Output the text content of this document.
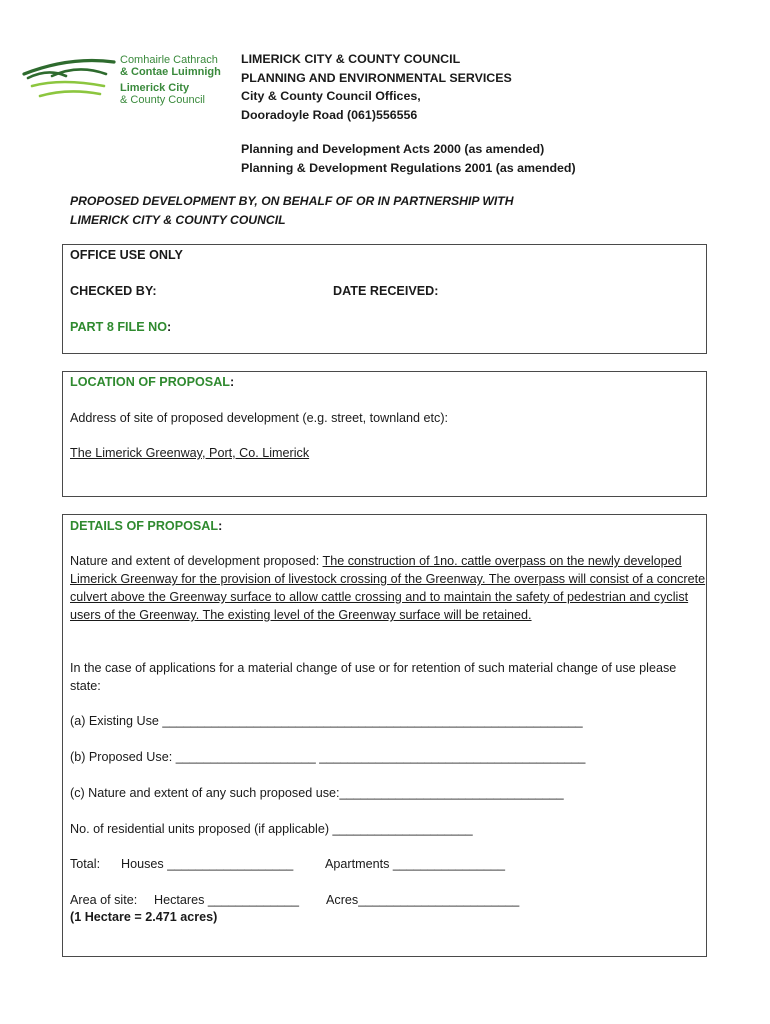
Comhairle Cathrach
& Contae Luimnigh
Limerick City
& County Council
LIMERICK CITY & COUNTY COUNCIL
PLANNING AND ENVIRONMENTAL SERVICES
City & County Council Offices,
Dooradoyle Road (061)556556
Planning and Development Acts 2000 (as amended)
Planning & Development Regulations 2001 (as amended)
PROPOSED DEVELOPMENT BY, ON BEHALF OF OR IN PARTNERSHIP WITH
LIMERICK CITY & COUNTY COUNCIL
OFFICE USE ONLY
CHECKED BY:	DATE RECEIVED:
PART 8 FILE NO:
LOCATION OF PROPOSAL:
Address of site of proposed development (e.g. street, townland etc):
The Limerick Greenway, Port, Co. Limerick
DETAILS OF PROPOSAL:
Nature and extent of development proposed: The construction of 1no. cattle overpass on the newly developed Limerick Greenway for the provision of livestock crossing of the Greenway. The overpass will consist of a concrete culvert above the Greenway surface to allow cattle crossing and to maintain the safety of pedestrian and cyclist users of the Greenway. The existing level of the Greenway surface will be retained.
In the case of applications for a material change of use or for retention of such material change of use please state:
(a) Existing Use ____________________________________________________________
(b) Proposed Use: ____________________ ______________________________________
(c) Nature and extent of any such proposed use:________________________________
No. of residential units proposed (if applicable) ____________________
Total: Houses __________________	Apartments ________________
Area of site: Hectares _____________ Acres_______________________
(1 Hectare = 2.471 acres)
